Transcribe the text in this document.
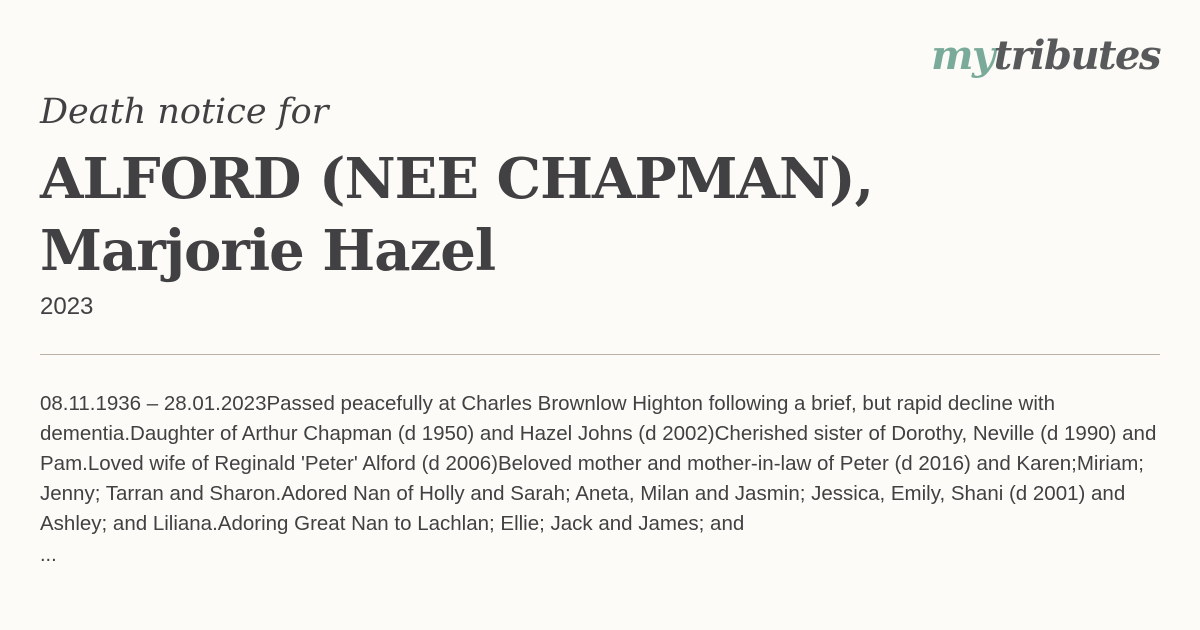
mytributes
Death notice for
ALFORD (NEE CHAPMAN),
Marjorie Hazel
2023

08.11.1936 – 28.01.2023Passed peacefully at Charles Brownlow Highton following a brief, but rapid decline with dementia.Daughter of Arthur Chapman (d 1950) and Hazel Johns (d 2002)Cherished sister of Dorothy, Neville (d 1990) and Pam.Loved wife of Reginald 'Peter' Alford (d 2006)Beloved mother and mother-in-law of Peter (d 2016) and Karen;Miriam; Jenny; Tarran and Sharon.Adored Nan of Holly and Sarah; Aneta, Milan and Jasmin; Jessica, Emily, Shani (d 2001) and Ashley; and Liliana.Adoring Great Nan to Lachlan; Ellie; Jack and James; and

...
